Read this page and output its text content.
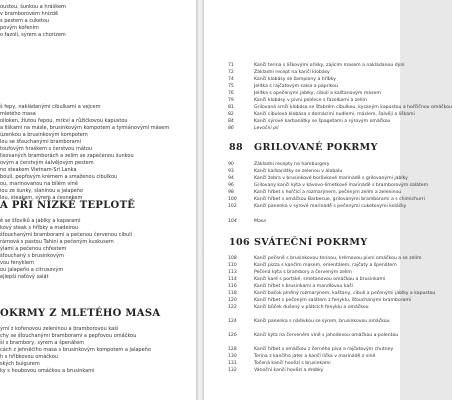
oustou, šunkou a hráškem
v bramborovém hnízdě
s pestem a cuketou
povým kořením
o fazolí, sýrem a chorizem
š fepy, naklàdanými cibulkami a vejcem
mletého masa
olloken, žlutou řepou, mrkví a růžičkovou kapustou
a liškami na másle, brusinkovým kompotem a tymiánovými másem
úzenkou a brusinkovým kompotem
lou se šťouchanými bramborami
toufovým hraškem s čerstvou mátou
lisovaných bramborách a zelím se zapečenou šunkou
ovým a čerstvým šalvějovým pestem
no steakem Vietnam-Sri Lanka
boulí, pepřovým krémem a smaženou cibulkou
ou, marinovanou na bílém víně
iou ze šunky, slaninou a jalapeňo
lou, steakem, sýrem a česnekem
A PŘI NÍZKÉ TEPLOTĚ
ě se šťovíků a jablky a kaparami
kový steak s hříbky a madeirou
šťouchanými bramborami a pečenou červenou cibulí
rámová s pastou Tahini a pečeným kuskusem
ýlami a pečenou chřestem
šťouchaný s brusinkovým
vou fenyklem
ou jalapeňo a citrusovým
ejlepší naťový salát
OKRMY Z MLETÉHO MASA
ými z kořenovou zeleninou a bramborovou kaší
chy se šťouchanými bramborami a pepřovou omáčkou
ší s brambory, sýrem a špenátem
cách z jehněčího masa s brusinkovým kompotem a jalapeňo
h s hříbkovou omáčkou
ských bulgurem
ky s houbovou omáčkou a brusinkami
71	Kančí terina s liškovými ořísky, zajícím masem a nakládanou dýní
72	Základní recept na kančí klobásy
74	Kančí klobásy se žampiony a hříbky
75	Jelítka s rajčatovým salsa a paprikou
76	Jelítka s opečenými jablky, cibulí a kaštanovým másem
79	Kančí klobásy v pivní polévce s fazolkami a zelím
81	Grilovaná srnčí klobása se šťabrém cibulkou, kysaným kapustou a hořčičnou omáčkou
82	Kančí cibulová klobása s domácími nudlemi, máslem, šalvějí a liškami
84	Kančí sýrové karbanátky se špagetami a sýrovým omáčkou
86	Levoční pií
88 GRILOVANÉ POKRMY
90	Základní recepty na hamburgery
93	Kančí karbanátky se zelenou v álobalu
94	Kančí žebra v brusinkové borůvkové marinádě s grilovanými jablky
96	Grilovaný kančí kýta v kávovo-limetkové marinádě s bramborovým salátem
98	Kančí hřbet s hořčicí a rozmarýnem, pečeným zelím a zeleninou
100	Kančí hřbet s omáčkou Barbecue, grilovanými bramborami a s chimichurri
102	Kančí panenka v sýrové marinádě s pečenými cuketovými koláčky
104	Masa
106 SVÁTEČNÍ POKRMY
108	Kančí pečeně s brusinkovou terinou, krémovou pivní omáčkou a se zelím
110	Kančí pizza s kančím masem, ementálem, rajčaty a špenátem
113	Pečená kýta s brambory a červeným zelím
114	Kančí karé s portské, smetanovou omáčkou a brusinkami
116	Kančí hřbet s brusinkami a mandlovou kaší
118	Kančí bačok plněný rozmarýnem, kaštany, cibulí a pečenými jablky a kapustou
120	Kančí hřbet s pečeným salátem z fenyklu, šťouchanými bramborami
122	Kančí bůček dušený v plátcích fenyklu a omáčkou
124	Kančí panenka s nádivkou se sýrem, brusinkovou omáčkou
126	Kančí kýta na červeném víně s jahodovou omáčkou a polentou
128	Kančí hřbet s omáčkou z černého piva a rajčatovým chutney
130	Terina z kančího jater a kančí líčka v marinádě z víně
131	Točená kančí hovězí s brusinkami
132	Vánoční kančí hovězí a drobky
